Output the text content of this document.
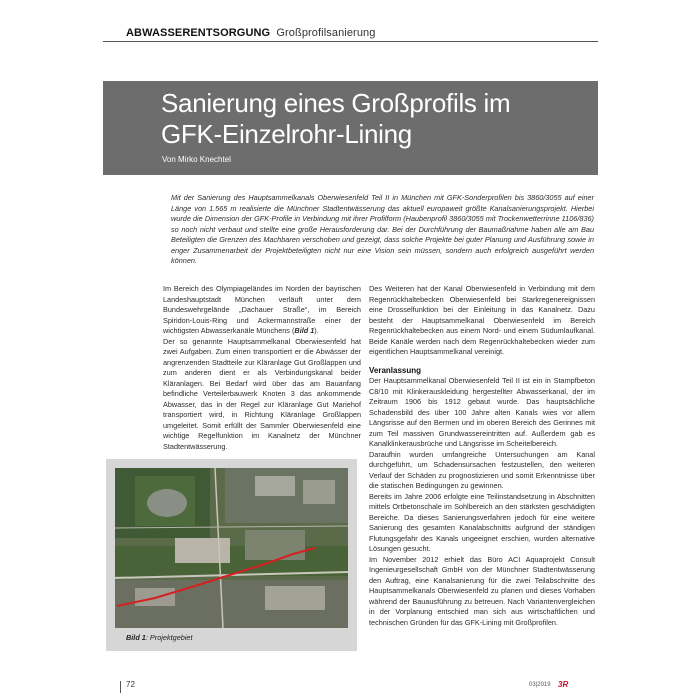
ABWASSERENTSORGUNG Großprofilsanierung
Sanierung eines Großprofils im
GFK-Einzelrohr-Lining
Von Mirko Knechtel
Mit der Sanierung des Hauptsammelkanals Oberwiesenfeld Teil II in München mit GFK-Sonderprofilen bis 3860/3055 auf einer Länge von 1.565 m realisierte die Münchner Stadtentwässerung das aktuell europaweit größte Kanalsanierungsprojekt. Hierbei wurde die Dimension der GFK-Profile in Verbindung mit ihrer Profilform (Haubenprofil 3860/3055 mit Trockenwetterrinne 1106/836) so noch nicht verbaut und stellte eine große Herausforderung dar. Bei der Durchführung der Baumaßnahme haben alle am Bau Beteiligten die Grenzen des Machbaren verschoben und gezeigt, dass solche Projekte bei guter Planung und Ausführung sowie in enger Zusammenarbeit der Projektbeteiligten nicht nur eine Vision sein müssen, sondern auch erfolgreich ausgeführt werden können.

Im Bereich des Olympiageländes im Norden der bayrischen Landeshauptstadt München verläuft unter dem Bundeswehrgelände „Dachauer Straße“, im Bereich Spiridon-Louis-Ring und Ackermannstraße einer der wichtigsten Abwasserkanäle Münchens (Bild 1).

Der so genannte Hauptsammelkanal Oberwiesenfeld hat zwei Aufgaben. Zum einen transportiert er die Abwässer der angrenzenden Stadtteile zur Kläranlage Gut Großlappen und zum anderen dient er als Verbindungskanal beider Kläranlagen. Bei Bedarf wird über das am Bauanfang befindliche Verteilerbauwerk Knoten 3 das ankommende Abwasser, das in der Regel zur Kläranlage Gut Mariehof transportiert wird, in Richtung Kläranlage Großlappen umgeleitet. Somit erfüllt der Sammler Oberwiesenfeld eine wichtige Regelfunktion im Kanalnetz der Münchner Stadtentwässerung.

Des Weiteren hat der Kanal Oberwiesenfeld in Verbindung mit dem Regenrückhaltebecken Oberwiesenfeld bei Starkregenereignissen eine Drosselfunktion bei der Einleitung in das Kanalnetz. Dazu besteht der Hauptsammelkanal Oberwiesenfeld im Bereich Regenrückhaltebecken aus einem Nord- und einem Südumlaufkanal. Beide Kanäle werden nach dem Regenrückhaltebecken wieder zum eigentlichen Hauptsammelkanal vereinigt.

Veranlassung

Der Hauptsammelkanal Oberwiesenfeld Teil II ist ein in Stampfbeton C8/10 mit Klinkerauskleidung hergestellter Abwasserkanal, der im Zeitraum 1906 bis 1912 gebaut wurde. Das hauptsächliche Schadensbild des über 100 Jahre alten Kanals wies vor allem Längsrisse auf den Bermen und im oberen Bereich des Gerinnes mit zum Teil massiven Grundwassereintritten auf. Außerdem gab es Kanalklinkerausbrüche und Längsrisse im Scheitelbereich.

Daraufhin wurden umfangreiche Untersuchungen am Kanal durchgeführt, um Schadensursachen festzustellen, den weiteren Verlauf der Schäden zu prognostizieren und somit Erkenntnisse über die statischen Bedingungen zu gewinnen.

Bereits im Jahre 2006 erfolgte eine Teilinstandsetzung in Abschnitten mittels Ortbetonschale im Sohlbereich an den stärksten geschädigten Bereiche. Da dieses Sanierungsverfahren jedoch für eine weitere Sanierung des gesamten Kanalabschnitts aufgrund der ständigen Flutungsgefahr des Kanals ungeeignet erschien, wurden alternative Lösungen gesucht.

Im November 2012 erhielt das Büro ACI Aquaprojekt Consult Ingenieurgesellschaft GmbH von der Münchner Stadtentwässerung den Auftrag, eine Kanalsanierung für die zwei Teilabschnitte des Hauptsammelkanals Oberwiesenfeld zu planen und dieses Vorhaben während der Bauausführung zu betreuen. Nach Variantenvergleichen in der Vorplanung entschied man sich aus wirtschaftlichen und technischen Gründen für das GFK-Lining mit Großprofilen.

Bild 1: Projektgebiet
72	03|2019 3R
